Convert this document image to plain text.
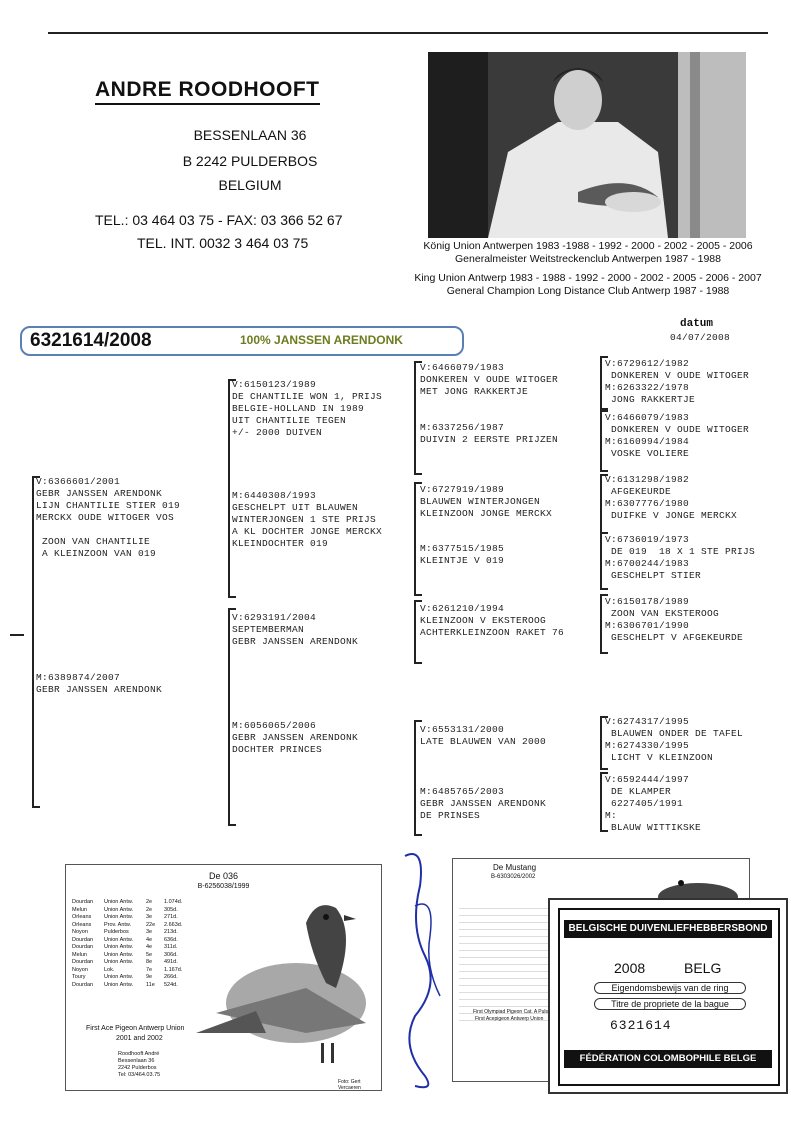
ANDRE ROODHOOFT
BESSENLAAN 36
B 2242 PULDERBOS
BELGIUM
TEL.: 03 464 03 75 - FAX: 03 366 52 67
TEL. INT. 0032 3 464 03 75	König Union Antwerpen 1983 -1988 - 1992 - 2000 - 2002 - 2005 - 2006
Generalmeister Weitstreckenclub Antwerpen 1987 - 1988
King Union Antwerp 1983 - 1988 - 1992 - 2000 - 2002 - 2005 - 2006 - 2007
General Champion Long Distance Club Antwerp 1987 - 1988
6321614/2008	100% JANSSEN ARENDONK
datum
04/07/2008
V:6366601/2001
GEBR JANSSEN ARENDONK
LIJN CHANTILIE STIER 019
MERCKX OUDE WITOGER VOS

ZOON VAN CHANTILIE
A KLEINZOON VAN 019
M:6389874/2007
GEBR JANSSEN ARENDONK
V:6150123/1989
DE CHANTILIE WON 1, PRIJS
BELGIE-HOLLAND IN 1989
UIT CHANTILIE TEGEN
+/- 2000 DUIVEN
M:6440308/1993
GESCHELPT UIT BLAUWEN
WINTERJONGEN 1 STE PRIJS
A KL DOCHTER JONGE MERCKX
KLEINDOCHTER 019
V:6293191/2004
SEPTEMBERMAN
GEBR JANSSEN ARENDONK
M:6056065/2006
GEBR JANSSEN ARENDONK
DOCHTER PRINCES
V:6466079/1983
DONKEREN V OUDE WITOGER
MET JONG RAKKERTJE
M:6337256/1987
DUIVIN 2 EERSTE PRIJZEN
V:6727919/1989
BLAUWEN WINTERJONGEN
KLEINZOON JONGE MERCKX
M:6377515/1985
KLEINTJE V 019
V:6261210/1994
KLEINZOON V EKSTEROOG
ACHTERKLEINZOON RAKET 76
V:6553131/2000
LATE BLAUWEN VAN 2000
M:6485765/2003
GEBR JANSSEN ARENDONK
DE PRINSES
V:6729612/1982
DONKEREN V OUDE WITOGER
M:6263322/1978
JONG RAKKERTJE
V:6466079/1983
DONKEREN V OUDE WITOGER
M:6160994/1984
VOSKE VOLIERE
V:6131298/1982
AFGEKEURDE
M:6307776/1980
DUIFKE V JONGE MERCKX
V:6736019/1973
DE 019  18 X 1 STE PRIJS
M:6700244/1983
GESCHELPT STIER
V:6150178/1989
ZOON VAN EKSTEROOG
M:6306701/1990
GESCHELPT V AFGEKEURDE
V:6274317/1995
BLAUWEN ONDER DE TAFEL
M:6274330/1995
LICHT V KLEINZOON
V:6592444/1997
DE KLAMPER
6227405/1991
M:
BLAUW WITTIKSKE
De 036
B-6256038/1999
Dourdan	Union Antw.	2e	1.074d.
Melun	Union Antw.	2e	305d.
Orleans	Union Antw.	3e	271d.
Orleans	Prov. Antw.	22e	2.663d.
Noyon	Pulderbos	3e	213d.
Dourdan	Union Antw.	4e	636d.
Dourdan	Union Antw.	4e	311d.
Melun	Union Antw.	5e	306d.
Dourdan	Union Antw.	8e	491d.
Noyon	Lok.	7e	1.167d.
Toury	Union Antw.	9e	266d.
Dourdan	Union Antw.	11e	524d.
First Ace Pigeon Antwerp Union
2001 and 2002
Roodhooft André
Bessenlaan 36
2242 Pulderbos
Tel: 03/464.03.75
Foto: Gert Vercaeren
De Mustang
B-6303026/2002

First Olympiad Pigeon Cat. A Puls
First Acepigeon Antwerp Union
BELGISCHE DUIVENLIEFHEBBERSBOND
2008	BELG
Eigendomsbewijs van de ring
Titre de propriete de la bague
6321614
FÉDÉRATION COLOMBOPHILE BELGE
